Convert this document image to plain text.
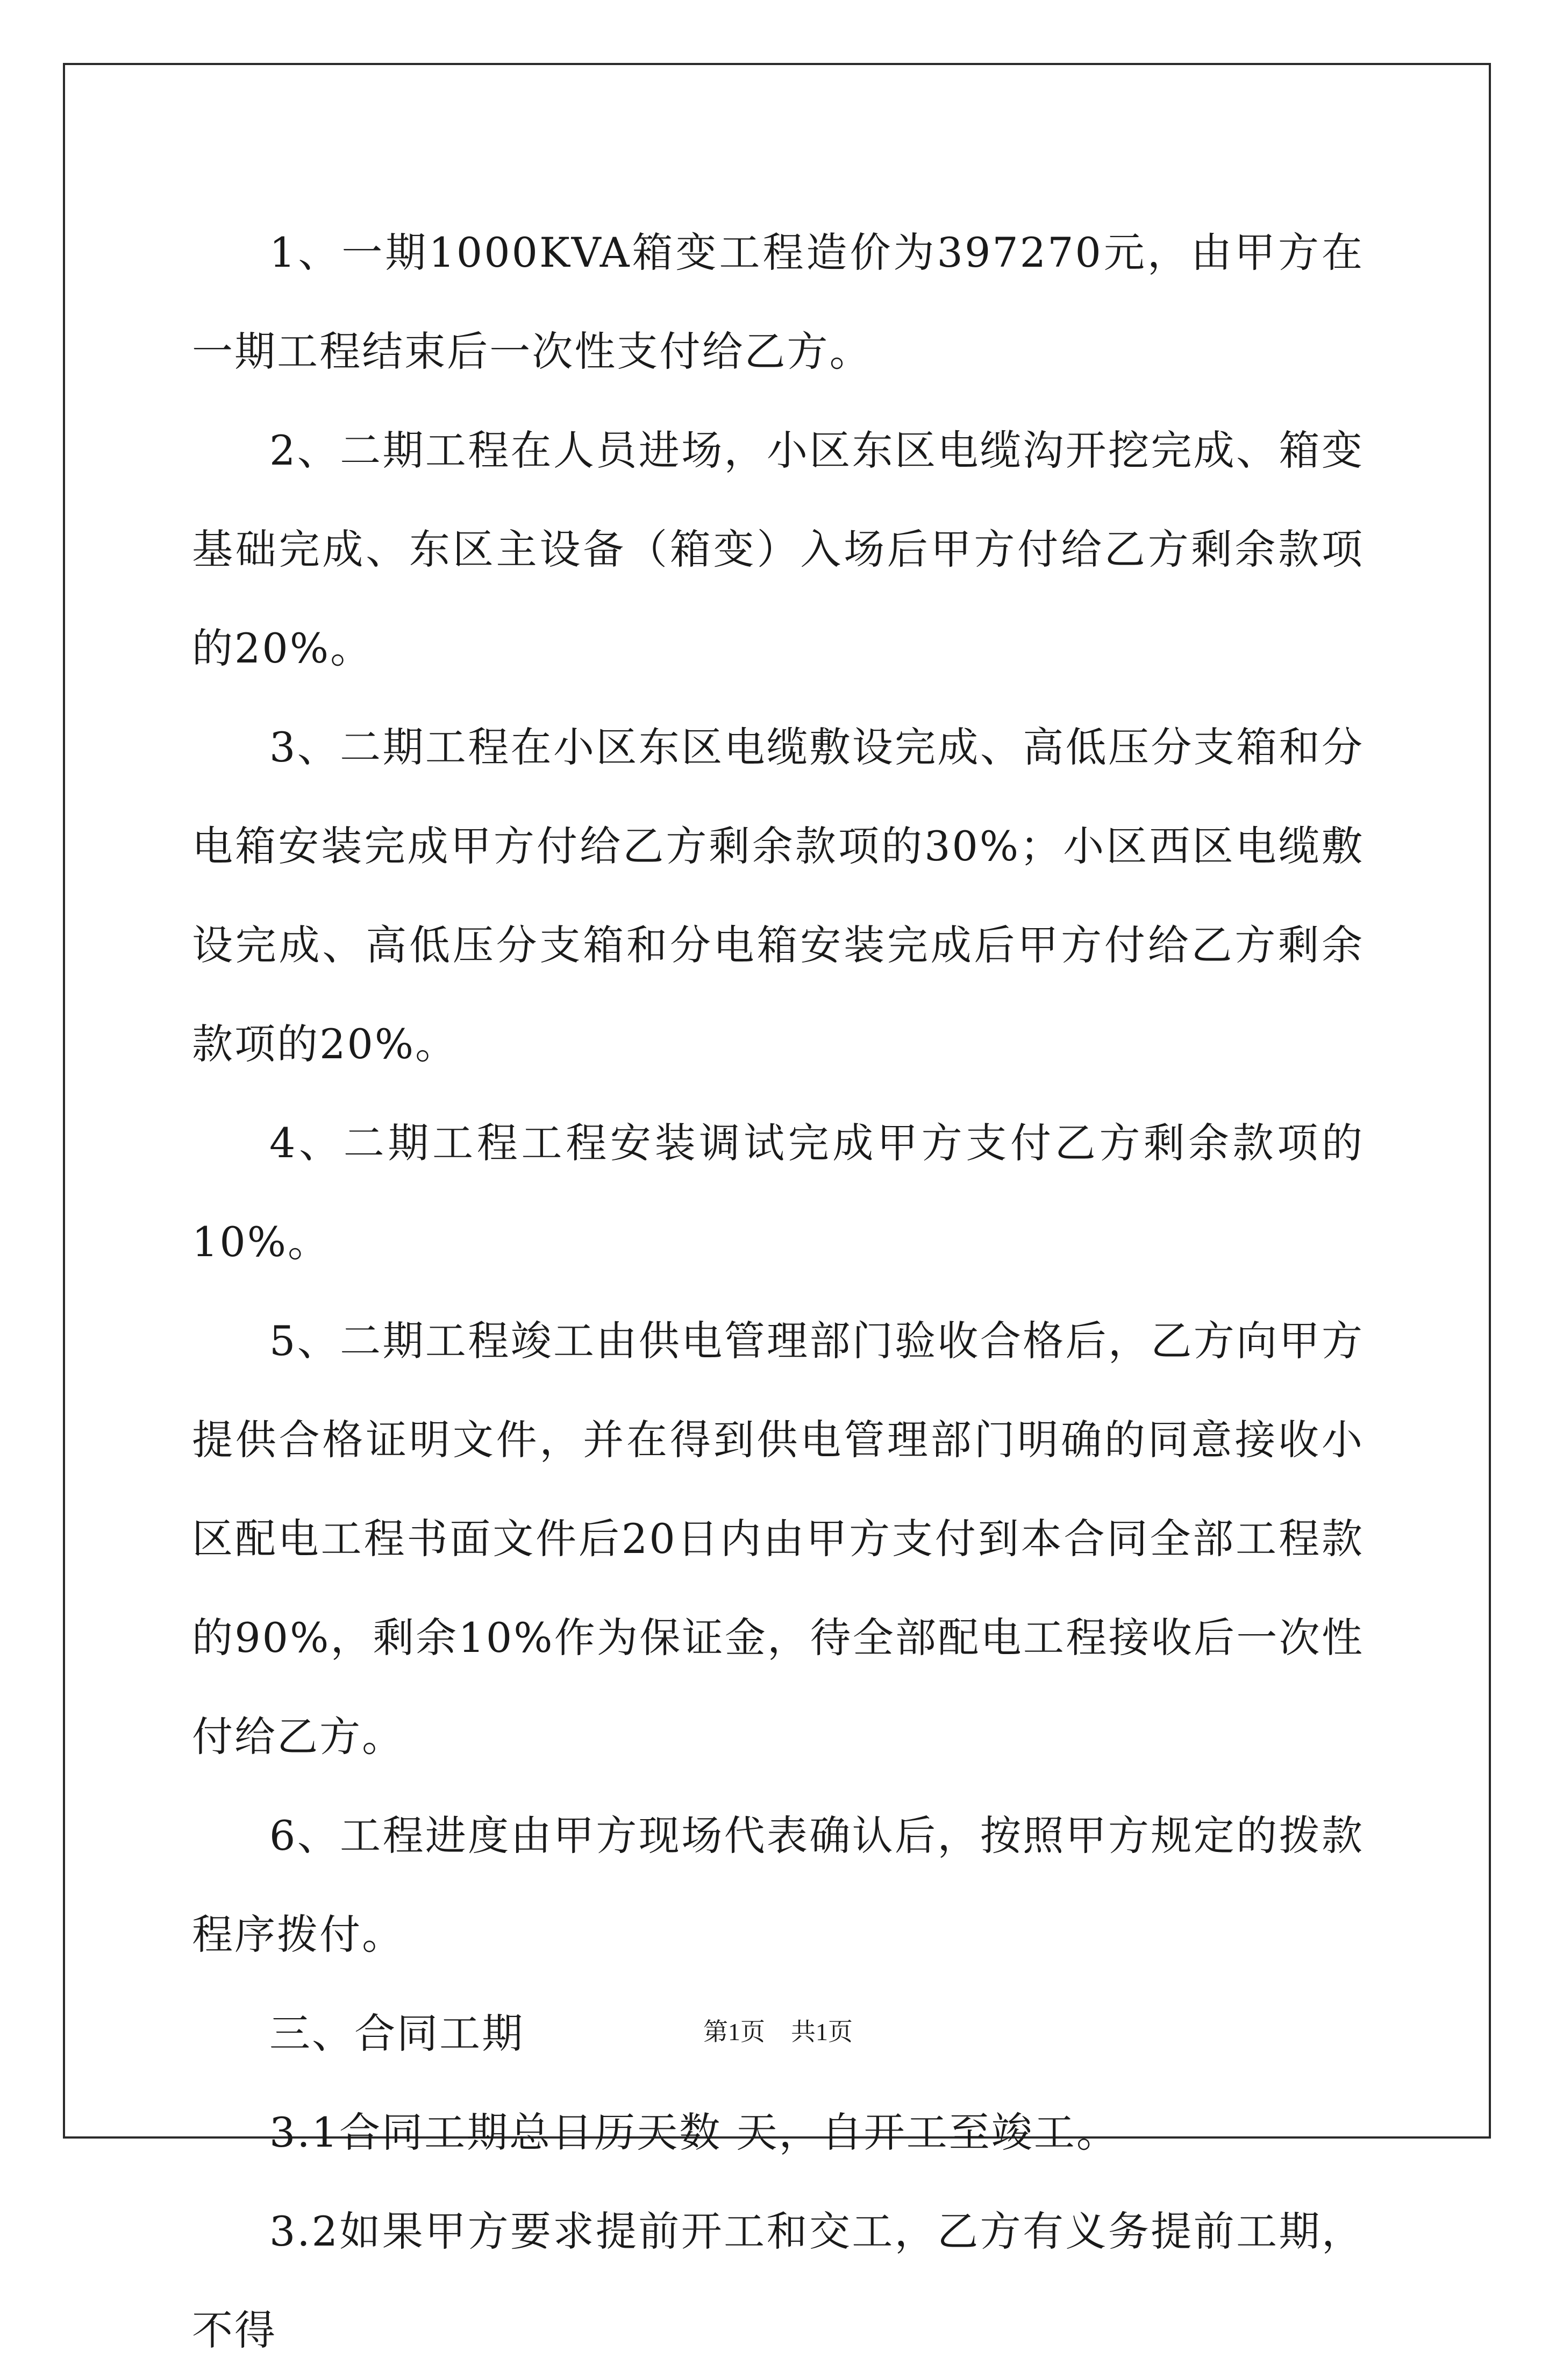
1、一期1000KVA箱变工程造价为397270元，由甲方在一期工程结束后一次性支付给乙方。

2、二期工程在人员进场，小区东区电缆沟开挖完成、箱变基础完成、东区主设备（箱变）入场后甲方付给乙方剩余款项的20%。

3、二期工程在小区东区电缆敷设完成、高低压分支箱和分电箱安装完成甲方付给乙方剩余款项的30%；小区西区电缆敷设完成、高低压分支箱和分电箱安装完成后甲方付给乙方剩余款项的20%。

4、二期工程工程安装调试完成甲方支付乙方剩余款项的10%。

5、二期工程竣工由供电管理部门验收合格后，乙方向甲方提供合格证明文件，并在得到供电管理部门明确的同意接收小区配电工程书面文件后20日内由甲方支付到本合同全部工程款的90%，剩余10%作为保证金，待全部配电工程接收后一次性付给乙方。

6、工程进度由甲方现场代表确认后，按照甲方规定的拨款程序拨付。

三、合同工期

3.1合同工期总日历天数 天，自开工至竣工。

3.2如果甲方要求提前开工和交工，乙方有义务提前工期，不得

第1页 共1页
